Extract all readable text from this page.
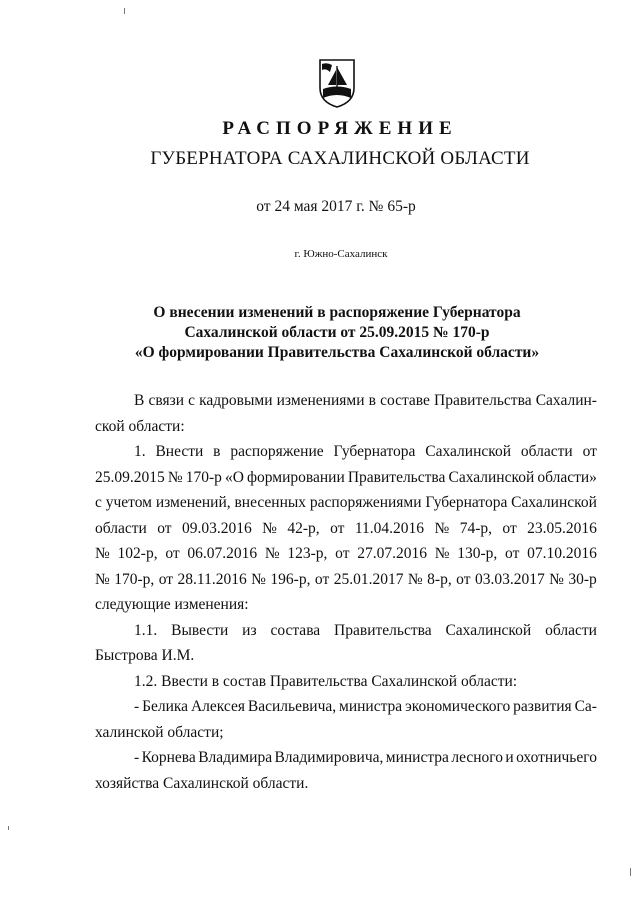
РАСПОРЯЖЕНИЕ
ГУБЕРНАТОРА САХАЛИНСКОЙ ОБЛАСТИ
от 24 мая 2017 г. № 65-р
г. Южно-Сахалинск
О внесении изменений в распоряжение Губернатора
Сахалинской области от 25.09.2015 № 170-р
«О формировании Правительства Сахалинской области»
В связи с кадровыми изменениями в составе Правительства Сахалин-
ской области:
1. Внести в распоряжение Губернатора Сахалинской области от
25.09.2015 № 170-р «О формировании Правительства Сахалинской области»
с учетом изменений, внесенных распоряжениями Губернатора Сахалинской
области от 09.03.2016 № 42-р, от 11.04.2016 № 74-р, от 23.05.2016
№ 102-р, от 06.07.2016 № 123-р, от 27.07.2016 № 130-р, от 07.10.2016
№ 170-р, от 28.11.2016 № 196-р, от 25.01.2017 № 8-р, от 03.03.2017 № 30-р
следующие изменения:
1.1. Вывести из состава Правительства Сахалинской области
Быстрова И.М.
1.2. Ввести в состав Правительства Сахалинской области:
- Белика Алексея Васильевича, министра экономического развития Са-
халинской области;
- Корнева Владимира Владимировича, министра лесного и охотничьего
хозяйства Сахалинской области.
